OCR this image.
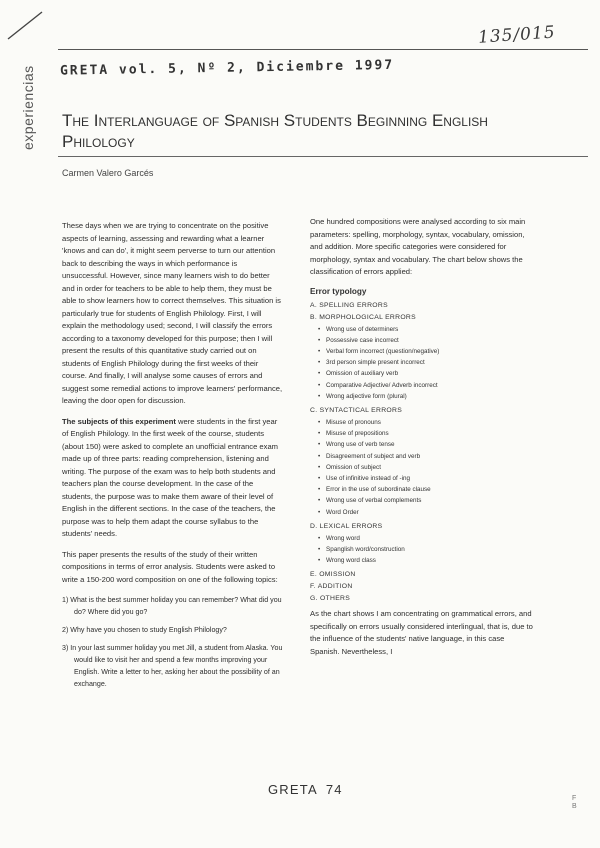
135/015
experiencias GRETA vol. 5, Nº 2, Diciembre 1997
The Interlanguage of Spanish Students Beginning English Philology
Carmen Valero Garcés

These days when we are trying to concentrate on the positive aspects of learning, assessing and rewarding what a learner 'knows and can do', it might seem perverse to turn our attention back to describing the ways in which performance is unsuccessful. However, since many learners wish to do better and in order for teachers to be able to help them, they must be able to show learners how to correct themselves. This situation is particularly true for students of English Philology. First, I will explain the methodology used; second, I will classify the errors according to a taxonomy developed for this purpose; then I will present the results of this quantitative study carried out on students of English Philology during the first weeks of their course. And finally, I will analyse some causes of errors and suggest some remedial actions to improve learners' performance, leaving the door open for discussion.

The subjects of this experiment were students in the first year of English Philology. In the first week of the course, students (about 150) were asked to complete an unofficial entrance exam made up of three parts: reading comprehension, listening and writing. The purpose of the exam was to help both students and teachers plan the course development. In the case of the students, the purpose was to make them aware of their level of English in the different sections. In the case of the teachers, the purpose was to help them adapt the course syllabus to the students' needs.

This paper presents the results of the study of their written compositions in terms of error analysis. Students were asked to write a 150-200 word composition on one of the following topics:

1) What is the best summer holiday you can remember? What did you do? Where did you go?
2) Why have you chosen to study English Philology?
3) In your last summer holiday you met Jill, a student from Alaska. You would like to visit her and spend a few months improving your English. Write a letter to her, asking her about the possibility of an exchange.

One hundred compositions were analysed according to six main parameters: spelling, morphology, syntax, vocabulary, omission, and addition. More specific categories were considered for morphology, syntax and vocabulary. The chart below shows the classification of errors applied:

Error typology
A. SPELLING ERRORS
B. MORPHOLOGICAL ERRORS
• Wrong use of determiners
• Possessive case incorrect
• Verbal form incorrect (question/negative)
• 3rd person simple present incorrect
• Omission of auxiliary verb
• Comparative Adjective/ Adverb incorrect
• Wrong adjective form (plural)
C. SYNTACTICAL ERRORS
• Misuse of pronouns
• Misuse of prepositions
• Wrong use of verb tense
• Disagreement of subject and verb
• Omission of subject
• Use of infinitive instead of -ing
• Error in the use of subordinate clause
• Wrong use of verbal complements
• Word Order
D. LEXICAL ERRORS
• Wrong word
• Spanglish word/construction
• Wrong word class
E. OMISSION
F. ADDITION
G. OTHERS

As the chart shows I am concentrating on grammatical errors, and specifically on errors usually considered interlingual, that is, due to the influence of the students' native language, in this case Spanish. Nevertheless, I

GRETA 74
F
B
